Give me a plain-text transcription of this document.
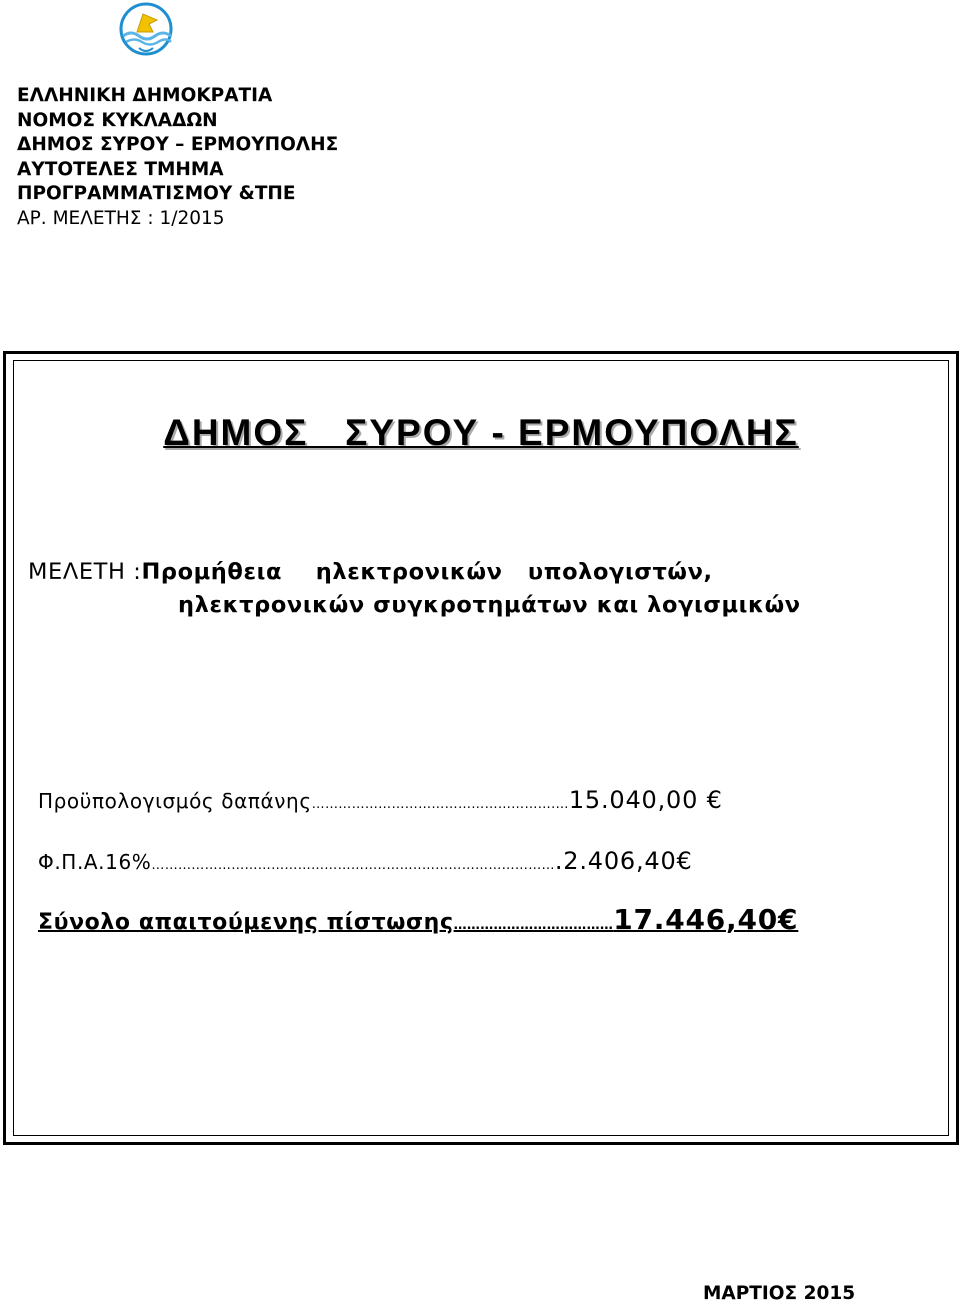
ΕΛΛΗΝΙΚΗ ΔΗΜΟΚΡΑΤΙΑ
ΝΟΜΟΣ ΚΥΚΛΑΔΩΝ
ΔΗΜΟΣ ΣΥΡΟΥ – ΕΡΜΟΥΠΟΛΗΣ
ΑΥΤΟΤΕΛΕΣ ΤΜΗΜΑ
ΠΡΟΓΡΑΜΜΑΤΙΣΜΟΥ &ΤΠΕ
ΑΡ. ΜΕΛΕΤΗΣ : 1/2015
ΔΗΜΟΣ   ΣΥΡΟΥ - ΕΡΜΟΥΠΟΛΗΣ
ΜΕΛΕΤΗ :Προμήθεια    ηλεκτρονικών   υπολογιστών,
ηλεκτρονικών συγκροτημάτων και λογισμικών
Προϋπολογισμός δαπάνης……………………………………………….…15.040,00 €
Φ.Π.Α.16%……………………………………………..……..………………………….2.406,40€
Σύνολο απαιτούμενης πίστωσης………………………………17.446,40€
ΜΑΡΤΙΟΣ 2015
